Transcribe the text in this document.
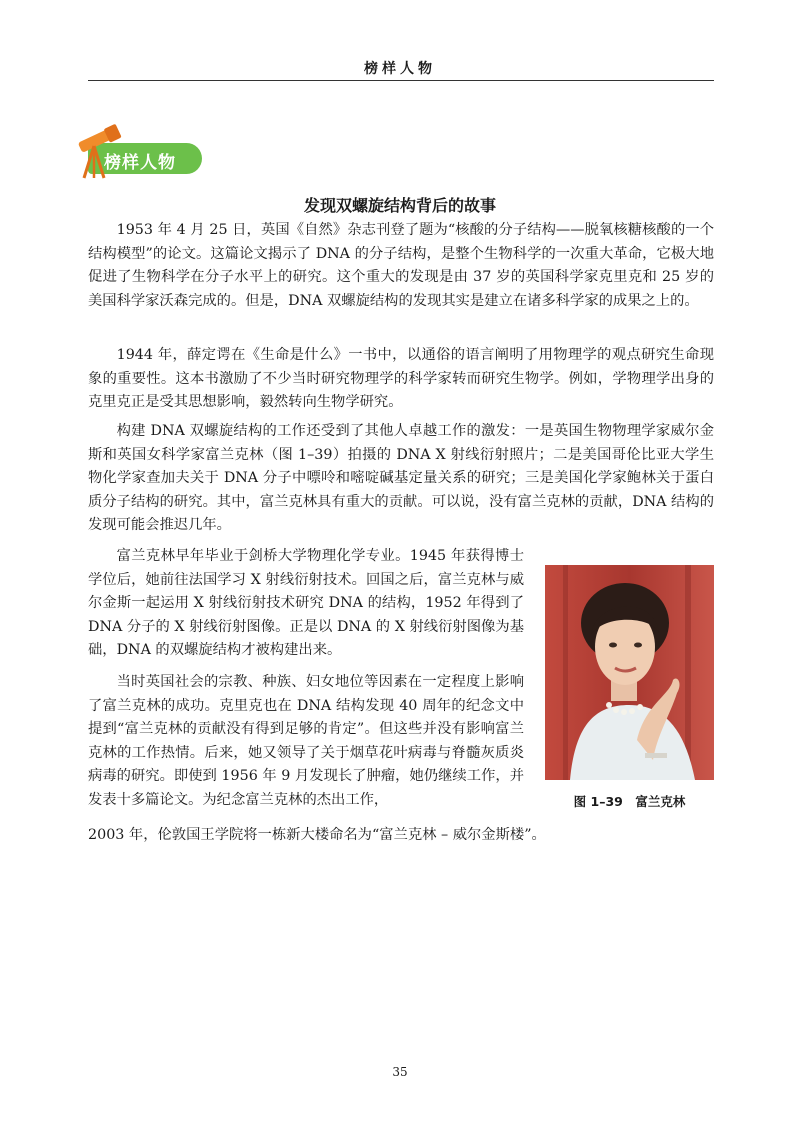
榜样人物
榜样人物
发现双螺旋结构背后的故事

1953 年 4 月 25 日，英国《自然》杂志刊登了题为“核酸的分子结构——脱氧核糖核酸的一个结构模型”的论文。这篇论文揭示了 DNA 的分子结构，是整个生物科学的一次重大革命，它极大地促进了生物科学在分子水平上的研究。这个重大的发现是由 37 岁的英国科学家克里克和 25 岁的美国科学家沃森完成的。但是，DNA 双螺旋结构的发现其实是建立在诸多科学家的成果之上的。

1944 年，薛定谔在《生命是什么》一书中，以通俗的语言阐明了用物理学的观点研究生命现象的重要性。这本书激励了不少当时研究物理学的科学家转而研究生物学。例如，学物理学出身的克里克正是受其思想影响，毅然转向生物学研究。

构建 DNA 双螺旋结构的工作还受到了其他人卓越工作的激发：一是英国生物物理学家威尔金斯和英国女科学家富兰克林（图 1–39）拍摄的 DNA X 射线衍射照片；二是美国哥伦比亚大学生物化学家查加夫关于 DNA 分子中嘌呤和嘧啶碱基定量关系的研究；三是美国化学家鲍林关于蛋白质分子结构的研究。其中，富兰克林具有重大的贡献。可以说，没有富兰克林的贡献，DNA 结构的发现可能会推迟几年。

富兰克林早年毕业于剑桥大学物理化学专业。1945 年获得博士学位后，她前往法国学习 X 射线衍射技术。回国之后，富兰克林与威尔金斯一起运用 X 射线衍射技术研究 DNA 的结构，1952 年得到了 DNA 分子的 X 射线衍射图像。正是以 DNA 的 X 射线衍射图像为基础，DNA 的双螺旋结构才被构建出来。

当时英国社会的宗教、种族、妇女地位等因素在一定程度上影响了富兰克林的成功。克里克也在 DNA 结构发现 40 周年的纪念文中提到“富兰克林的贡献没有得到足够的肯定”。但这些并没有影响富兰克林的工作热情。后来，她又领导了关于烟草花叶病毒与脊髓灰质炎病毒的研究。即使到 1956 年 9 月发现长了肿瘤，她仍继续工作，并发表十多篇论文。为纪念富兰克林的杰出工作，

2003 年，伦敦国王学院将一栋新大楼命名为“富兰克林 – 威尔金斯楼”。

图 1–39　富兰克林
35
